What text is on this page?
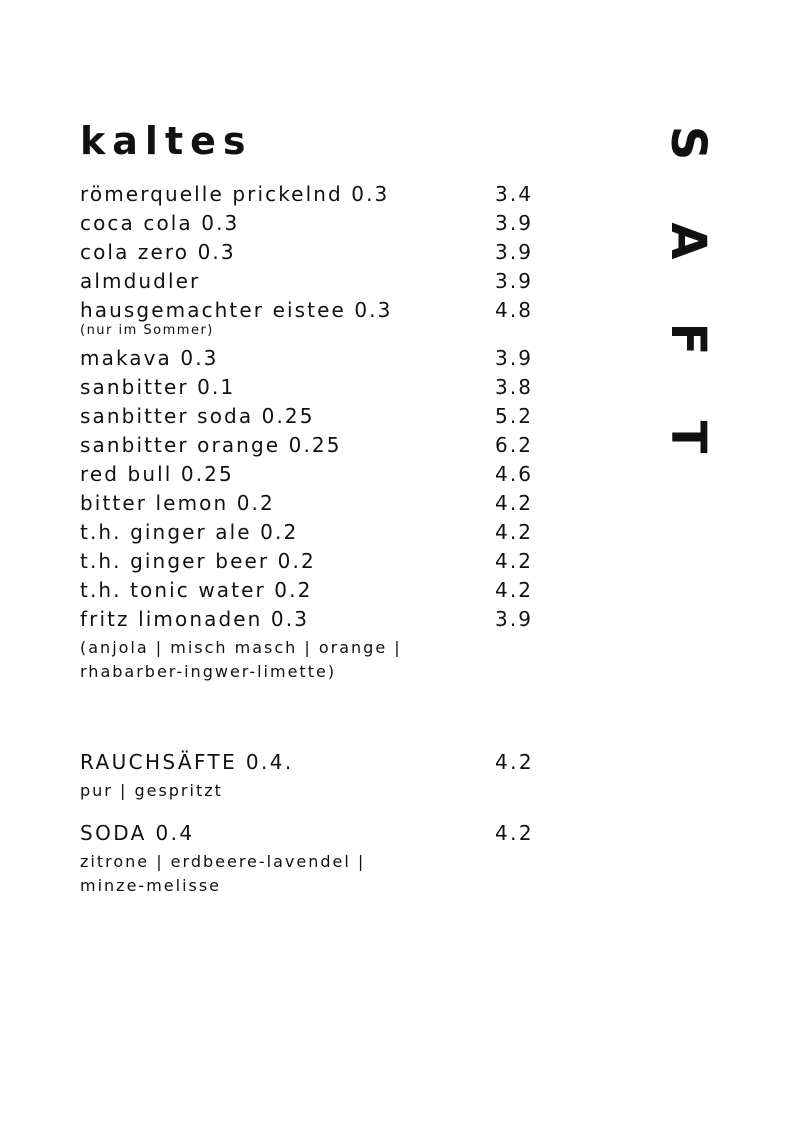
kaltes	S
A
F
T
römerquelle prickelnd 0.3	3.4
coca cola 0.3	3.9
cola zero 0.3	3.9
almdudler	3.9
hausgemachter eistee 0.3	4.8
(nur im Sommer)
makava 0.3	3.9
sanbitter 0.1	3.8
sanbitter soda 0.25	5.2
sanbitter orange 0.25	6.2
red bull 0.25	4.6
bitter lemon 0.2	4.2
t.h. ginger ale 0.2	4.2
t.h. ginger beer 0.2	4.2
t.h. tonic water 0.2	4.2
fritz limonaden 0.3	3.9
(anjola | misch masch | orange |
rhabarber-ingwer-limette)
RAUCHSÄFTE 0.4.	4.2
pur | gespritzt
SODA 0.4	4.2
zitrone | erdbeere-lavendel |
minze-melisse
